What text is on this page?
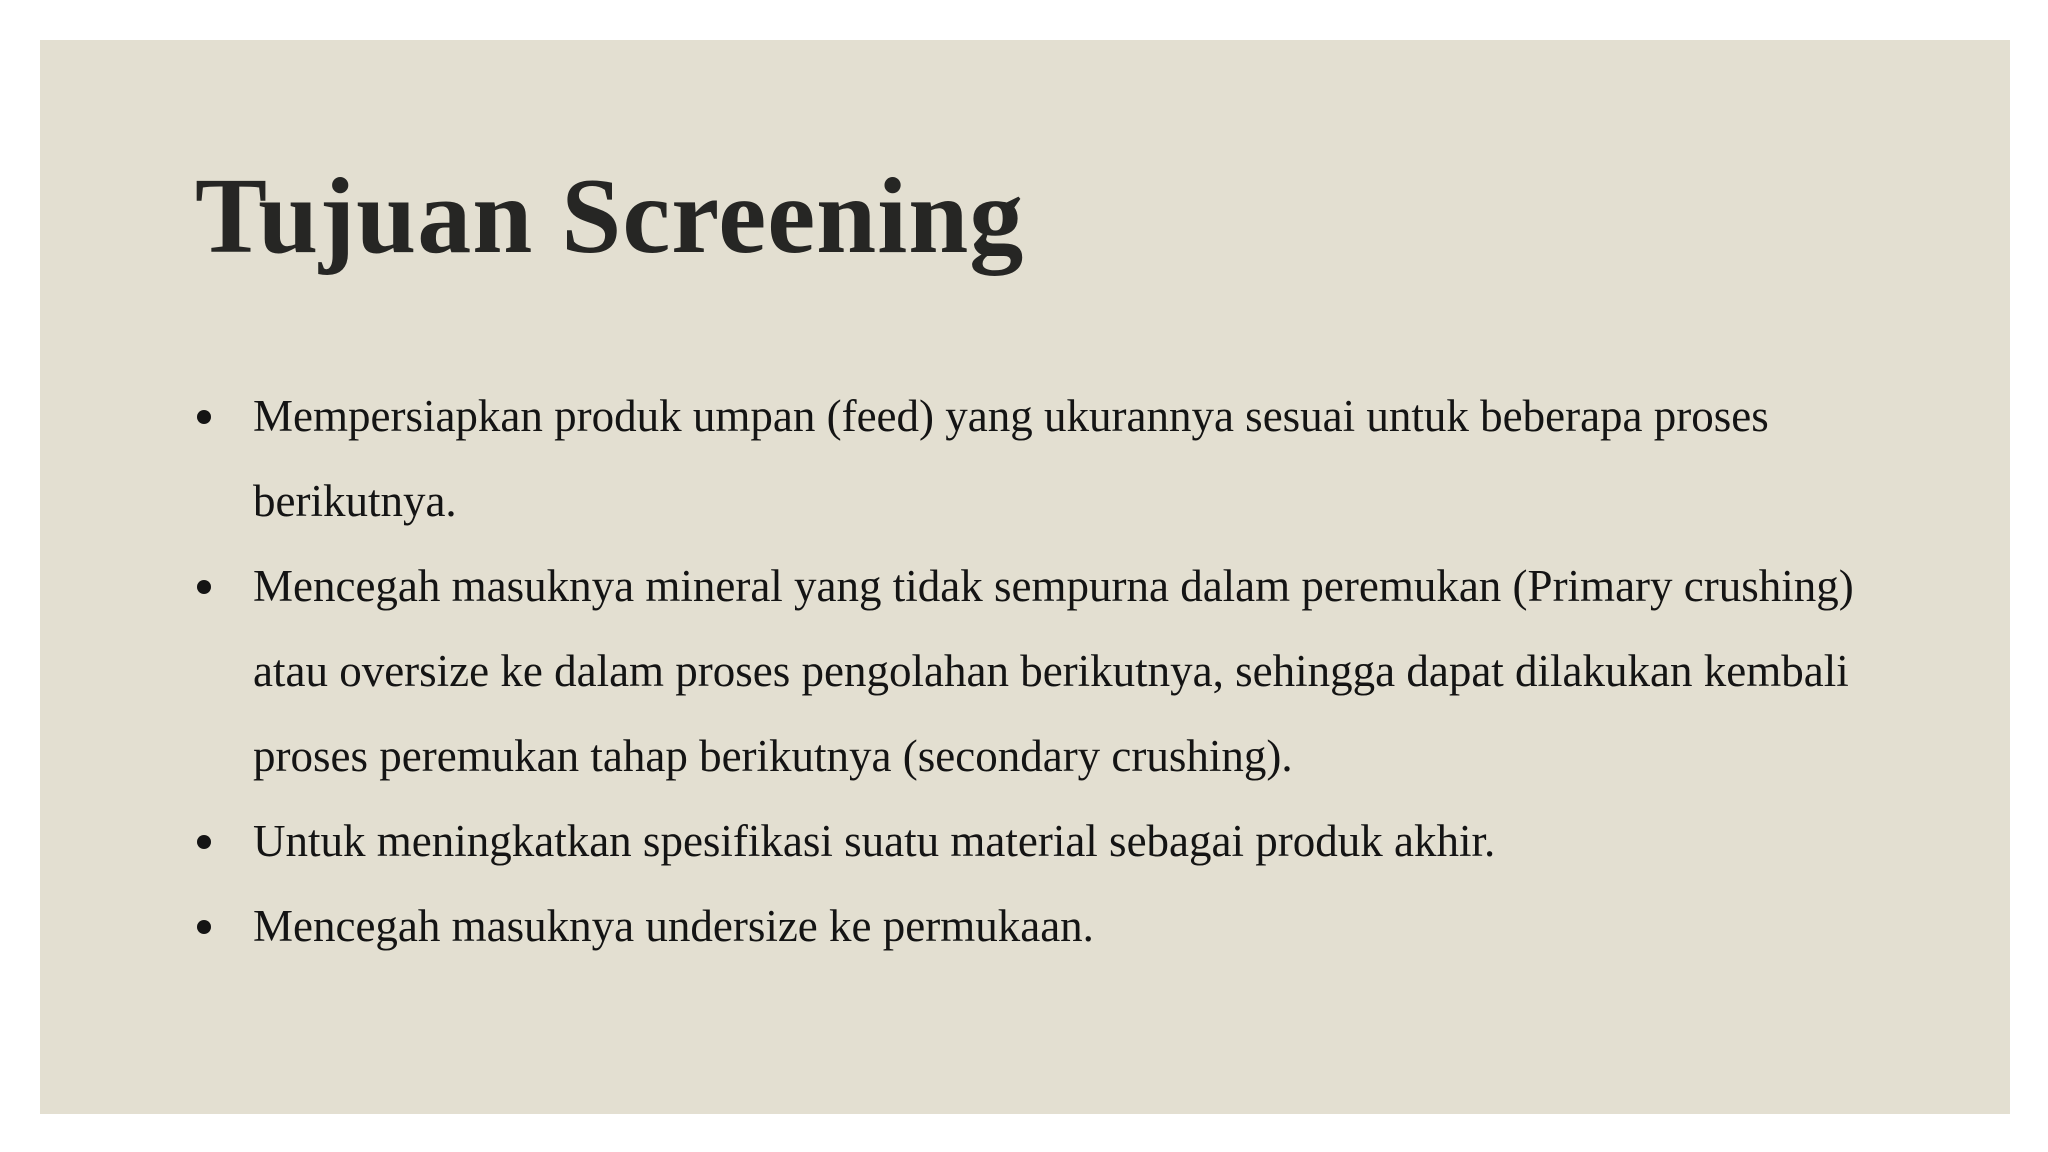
Tujuan Screening
Mempersiapkan produk umpan (feed) yang ukurannya sesuai untuk beberapa proses berikutnya.
Mencegah masuknya mineral yang tidak sempurna dalam peremukan (Primary crushing) atau oversize ke dalam proses pengolahan berikutnya, sehingga dapat dilakukan kembali proses peremukan tahap berikutnya (secondary crushing).
Untuk meningkatkan spesifikasi suatu material sebagai produk akhir.
Mencegah masuknya undersize ke permukaan.
